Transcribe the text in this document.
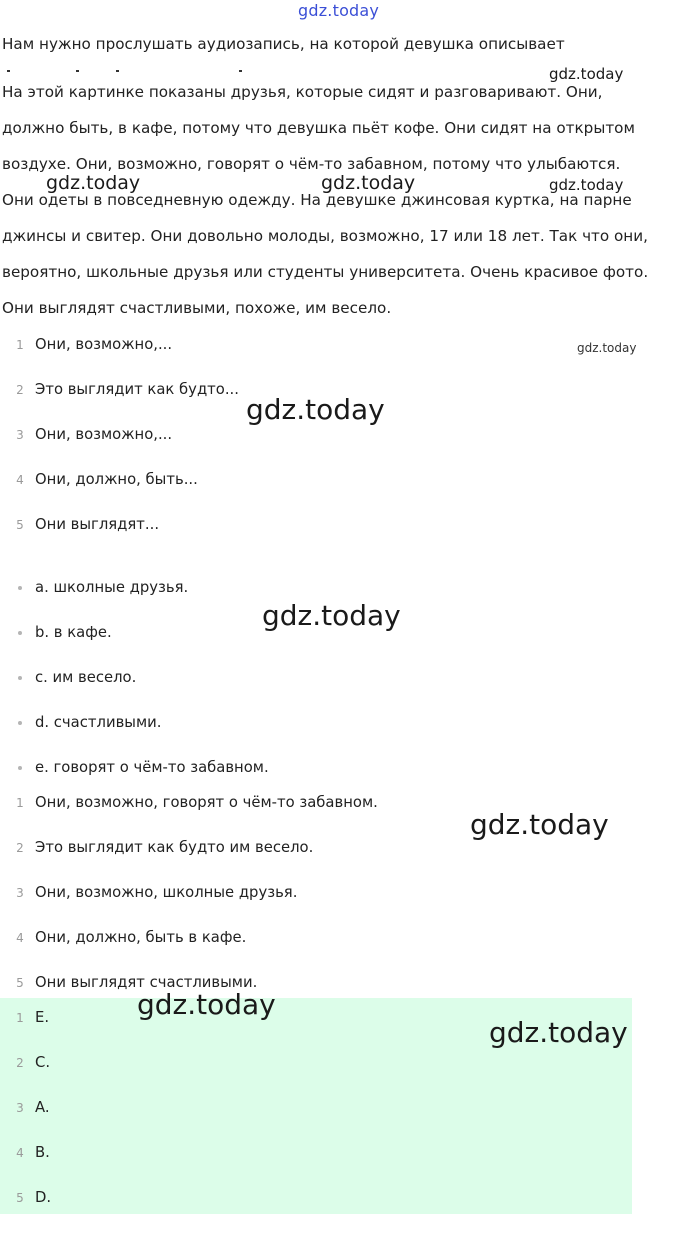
gdz.today

Нам нужно прослушать аудиозапись, на которой девушка описывает

На этой картинке показаны друзья, которые сидят и разговаривают. Они,
должно быть, в кафе, потому что девушка пьёт кофе. Они сидят на открытом
воздухе. Они, возможно, говорят о чём-то забавном, потому что улыбаются.
Они одеты в повседневную одежду. На девушке джинсовая куртка, на парне
джинсы и свитер. Они довольно молоды, возможно, 17 или 18 лет. Так что они,
вероятно, школьные друзья или студенты университета. Очень красивое фото.
Они выглядят счастливыми, похоже, им весело.
1 Они, возможно,...
2 Это выглядит как будто...
3 Они, возможно,...
4 Они, должно, быть...
5 Они выглядят...
a. школные друзья.
b. в кафе.
c. им весело.
d. счастливыми.
e. говорят о чём-то забавном.
1 Они, возможно, говорят о чём-то забавном.
2 Это выглядит как будто им весело.
3 Они, возможно, школные друзья.
4 Они, должно, быть в кафе.
5 Они выглядят счастливыми.
1 E.
2 C.
3 A.
4 B.
5 D.
gdz.today
gdz.today	gdz.today	gdz.today
gdz.today
gdz.today
gdz.today
gdz.today
gdz.today
gdz.today
